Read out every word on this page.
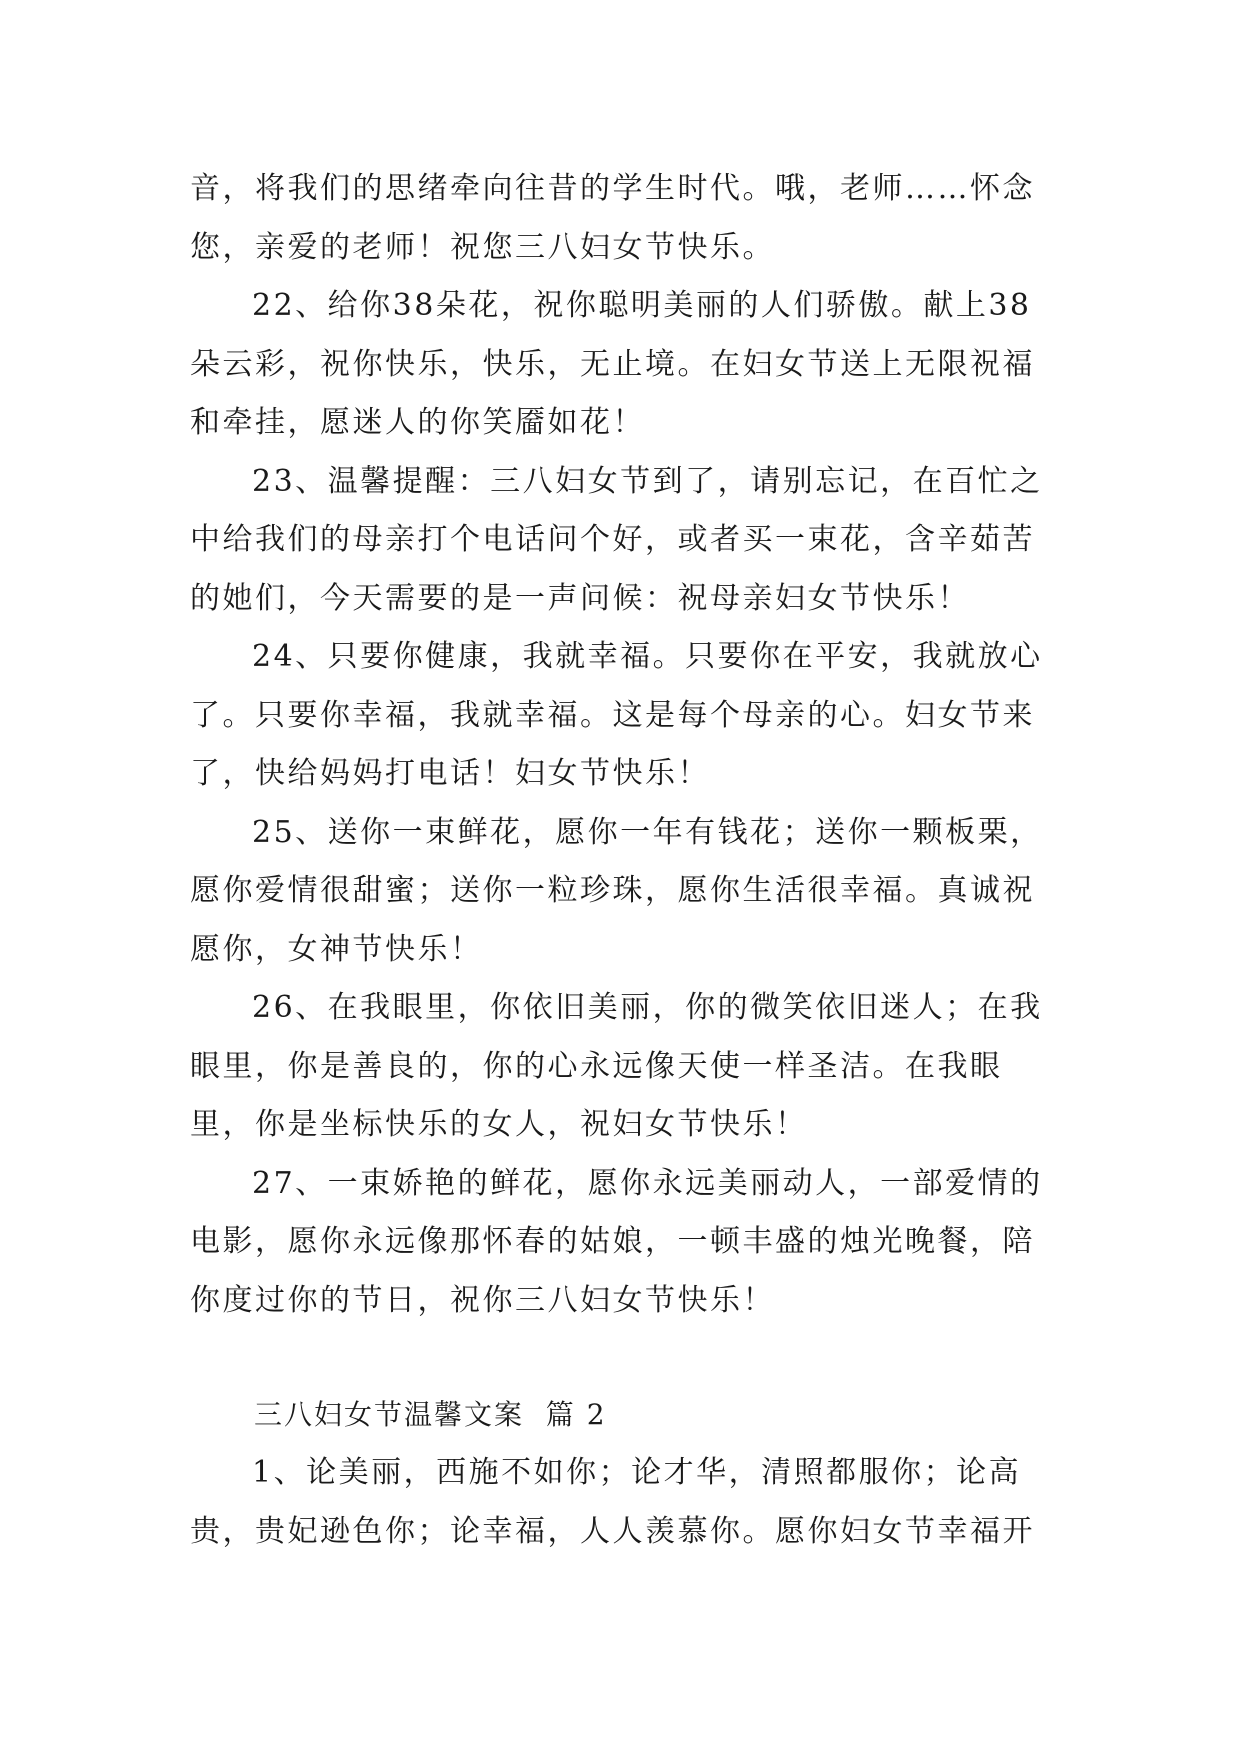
音，将我们的思绪牵向往昔的学生时代。哦，老师……怀念您，亲爱的老师！祝您三八妇女节快乐。

22、给你38朵花，祝你聪明美丽的人们骄傲。献上38朵云彩，祝你快乐，快乐，无止境。在妇女节送上无限祝福和牵挂，愿迷人的你笑靥如花！

23、温馨提醒：三八妇女节到了，请别忘记，在百忙之中给我们的母亲打个电话问个好，或者买一束花，含辛茹苦的她们，今天需要的是一声问候：祝母亲妇女节快乐！

24、只要你健康，我就幸福。只要你在平安，我就放心了。只要你幸福，我就幸福。这是每个母亲的心。妇女节来了，快给妈妈打电话！妇女节快乐！

25、送你一束鲜花，愿你一年有钱花；送你一颗板栗，愿你爱情很甜蜜；送你一粒珍珠，愿你生活很幸福。真诚祝愿你，女神节快乐！

26、在我眼里，你依旧美丽，你的微笑依旧迷人；在我眼里，你是善良的，你的心永远像天使一样圣洁。在我眼里，你是坐标快乐的女人，祝妇女节快乐！

27、一束娇艳的鲜花，愿你永远美丽动人，一部爱情的电影，愿你永远像那怀春的姑娘，一顿丰盛的烛光晚餐，陪你度过你的节日，祝你三八妇女节快乐！

三八妇女节温馨文案  篇 2

1、论美丽，西施不如你；论才华，清照都服你；论高贵，贵妃逊色你；论幸福，人人羡慕你。愿你妇女节幸福开
